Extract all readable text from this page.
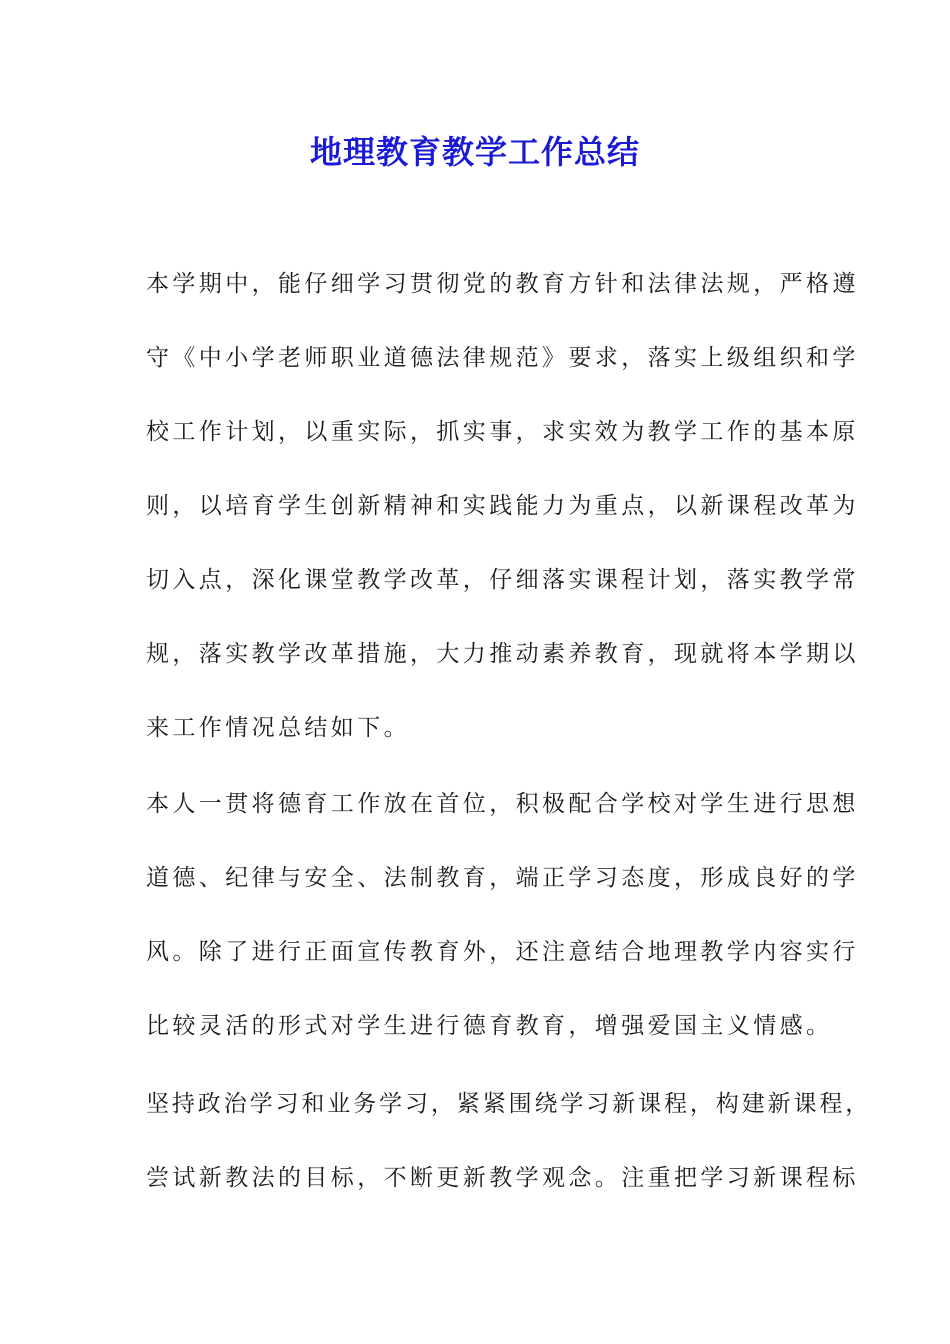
地理教育教学工作总结
本学期中，能仔细学习贯彻党的教育方针和法律法规，严格遵
守《中小学老师职业道德法律规范》要求，落实上级组织和学
校工作计划，以重实际，抓实事，求实效为教学工作的基本原
则，以培育学生创新精神和实践能力为重点，以新课程改革为
切入点，深化课堂教学改革，仔细落实课程计划，落实教学常
规，落实教学改革措施，大力推动素养教育，现就将本学期以
来工作情况总结如下。
本人一贯将德育工作放在首位，积极配合学校对学生进行思想
道德、纪律与安全、法制教育，端正学习态度，形成良好的学
风。除了进行正面宣传教育外，还注意结合地理教学内容实行
比较灵活的形式对学生进行德育教育，增强爱国主义情感。
坚持政治学习和业务学习，紧紧围绕学习新课程，构建新课程，
尝试新教法的目标，不断更新教学观念。注重把学习新课程标
